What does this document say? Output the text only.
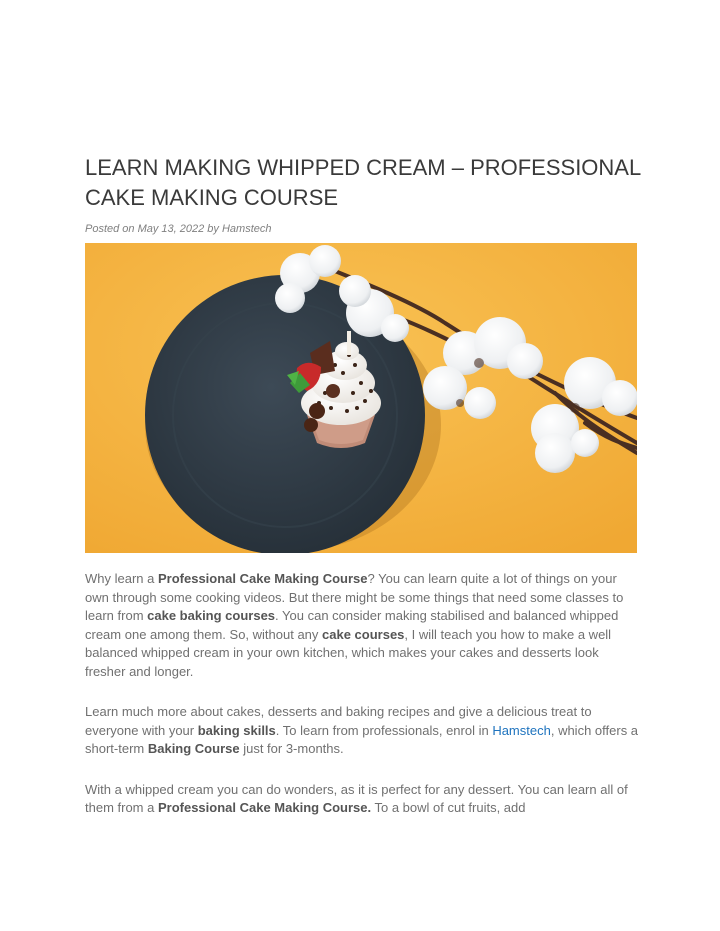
LEARN MAKING WHIPPED CREAM – PROFESSIONAL CAKE MAKING COURSE
Posted on May 13, 2022 by Hamstech

Why learn a Professional Cake Making Course? You can learn quite a lot of things on your own through some cooking videos. But there might be some things that need some classes to learn from cake baking courses. You can consider making stabilised and balanced whipped cream one among them. So, without any cake courses, I will teach you how to make a well balanced whipped cream in your own kitchen, which makes your cakes and desserts look fresher and longer.

Learn much more about cakes, desserts and baking recipes and give a delicious treat to everyone with your baking skills. To learn from professionals, enrol in Hamstech, which offers a short-term Baking Course just for 3-months.

With a whipped cream you can do wonders, as it is perfect for any dessert. You can learn all of them from a Professional Cake Making Course. To a bowl of cut fruits, add
